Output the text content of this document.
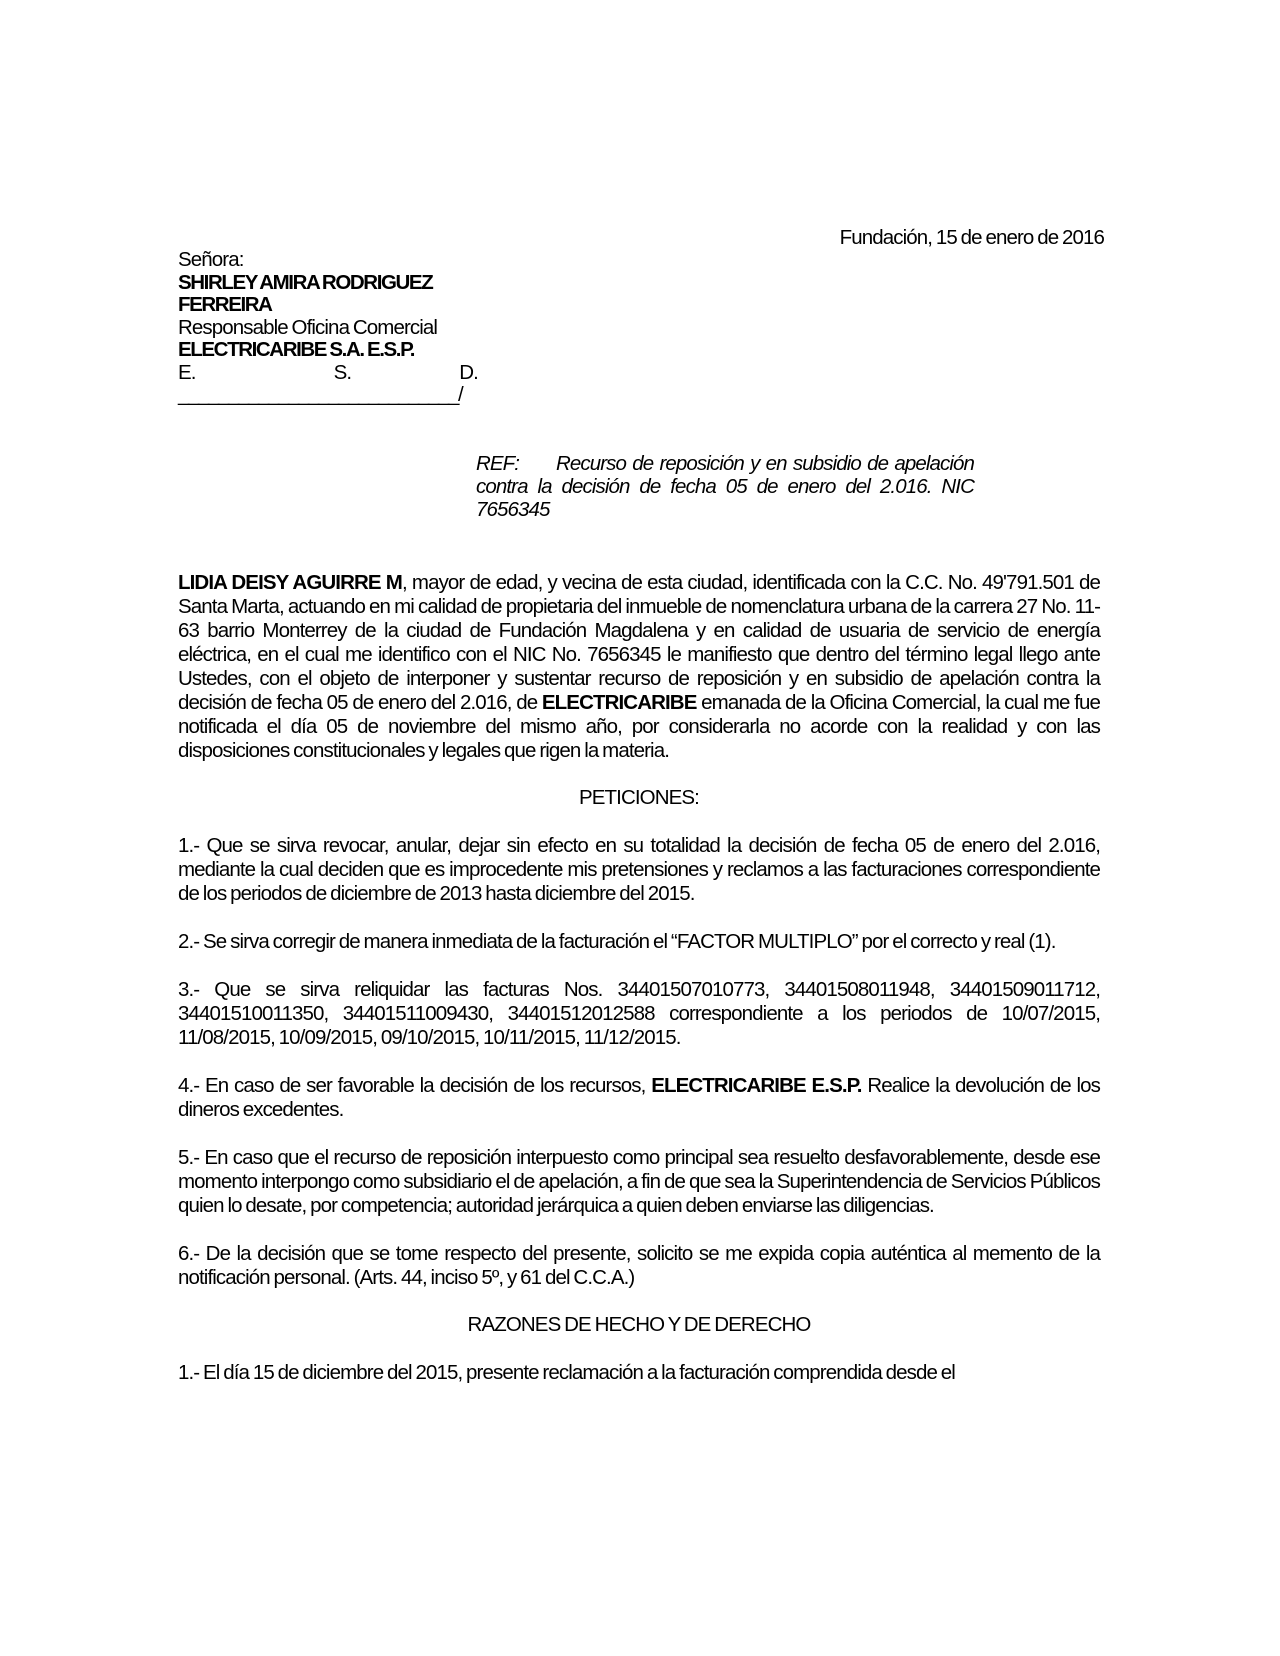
Fundación, 15 de enero de 2016
Señora:
SHIRLEY AMIRA RODRIGUEZ FERREIRA
Responsable Oficina Comercial
ELECTRICARIBE S.A. E.S.P.
E.	S.	D.
____________________________/
REF: Recurso de reposición y en subsidio de apelación contra la decisión de fecha 05 de enero del 2.016. NIC 7656345

LIDIA DEISY AGUIRRE M, mayor de edad, y vecina de esta ciudad, identificada con la C.C. No. 49'791.501 de Santa Marta, actuando en mi calidad de propietaria del inmueble de nomenclatura urbana de la carrera 27 No. 11-63 barrio Monterrey de la ciudad de Fundación Magdalena y en calidad de usuaria de servicio de energía eléctrica, en el cual me identifico con el NIC No. 7656345 le manifiesto que dentro del término legal llego ante Ustedes, con el objeto de interponer y sustentar recurso de reposición y en subsidio de apelación contra la decisión de fecha 05 de enero del 2.016, de ELECTRICARIBE emanada de la Oficina Comercial, la cual me fue notificada el día 05 de noviembre del mismo año, por considerarla no acorde con la realidad y con las disposiciones constitucionales y legales que rigen la materia.

PETICIONES:

1.- Que se sirva revocar, anular, dejar sin efecto en su totalidad la decisión de fecha 05 de enero del 2.016, mediante la cual deciden que es improcedente mis pretensiones y reclamos a las facturaciones correspondiente de los periodos de diciembre de 2013 hasta diciembre del 2015.

2.- Se sirva corregir de manera inmediata de la facturación el “FACTOR MULTIPLO” por el correcto y real (1).

3.- Que se sirva reliquidar las facturas Nos. 34401507010773, 34401508011948, 34401509011712, 34401510011350, 34401511009430, 34401512012588 correspondiente a los periodos de 10/07/2015, 11/08/2015, 10/09/2015, 09/10/2015, 10/11/2015, 11/12/2015.

4.- En caso de ser favorable la decisión de los recursos, ELECTRICARIBE E.S.P. Realice la devolución de los dineros excedentes.

5.- En caso que el recurso de reposición interpuesto como principal sea resuelto desfavorablemente, desde ese momento interpongo como subsidiario el de apelación, a fin de que sea la Superintendencia de Servicios Públicos quien lo desate, por competencia; autoridad jerárquica a quien deben enviarse las diligencias.

6.- De la decisión que se tome respecto del presente, solicito se me expida copia auténtica al memento de la notificación personal. (Arts. 44, inciso 5º, y 61 del C.C.A.)

RAZONES DE HECHO Y DE DERECHO

1.- El día 15 de diciembre del 2015, presente reclamación a la facturación comprendida desde el
